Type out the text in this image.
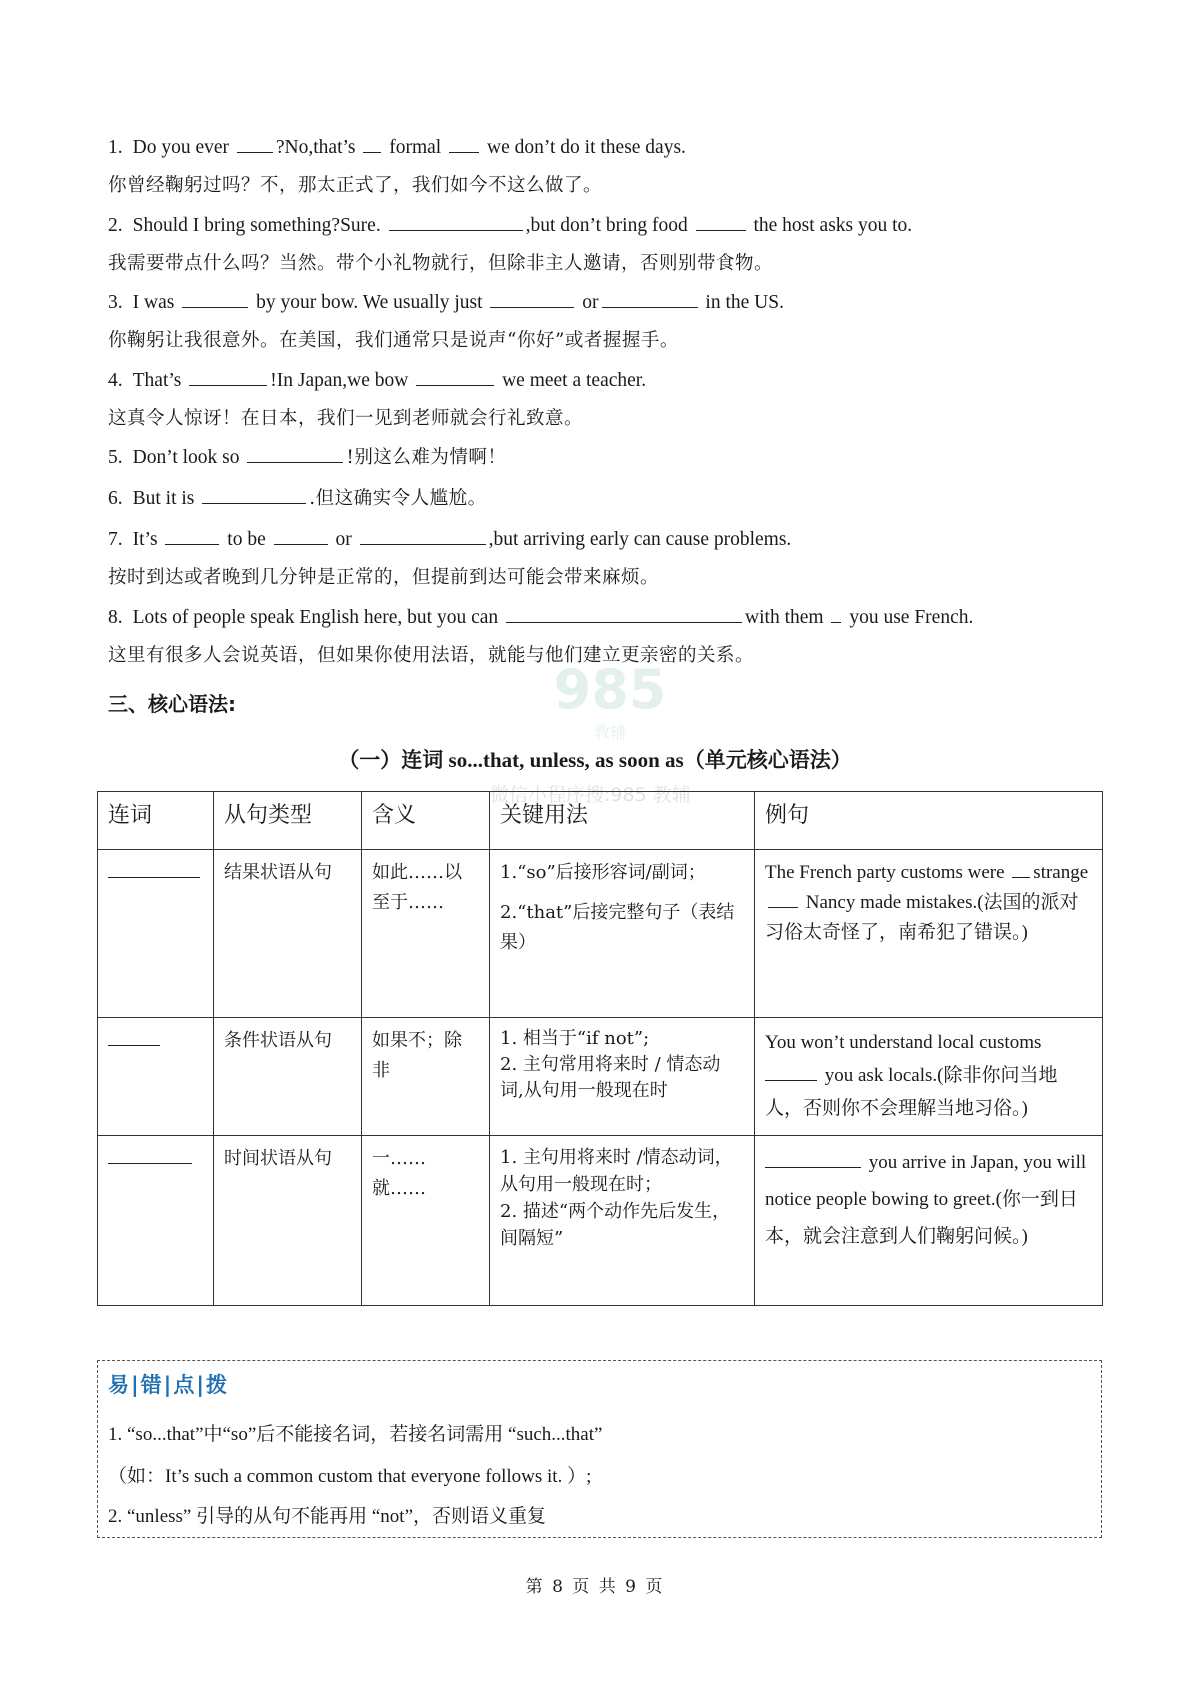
985
教辅
微信小程序搜:985 教辅
1. Do you ever ?No,that’s  formal  we don’t do it these days.
你曾经鞠躬过吗？不，那太正式了，我们如今不这么做了。
2. Should I bring something?Sure.	,but don’t bring food	the host asks you to.
我需要带点什么吗？当然。带个小礼物就行，但除非主人邀请，否则别带食物。
3. I was	by your bow. We usually just	or	in the US.
你鞠躬让我很意外。在美国，我们通常只是说声“你好”或者握握手。
4. That’s	!In Japan,we bow	we meet a teacher.
这真令人惊讶！在日本，我们一见到老师就会行礼致意。
5. Don’t look so	!别这么难为情啊！
6. But it is	.但这确实令人尴尬。
7. It’s	to be	or	,but arriving early can cause problems.
按时到达或者晚到几分钟是正常的，但提前到达可能会带来麻烦。
8. Lots of people speak English here, but you can	with them  you use French.
这里有很多人会说英语，但如果你使用法语，就能与他们建立更亲密的关系。
三、核心语法:
（一）连词 so...that, unless, as soon as（单元核心语法）
连词	从句类型	含义	关键用法	例句
	结果状语从句	如此……以至于……	1.“so”后接形容词/副词；
2.“that”后接完整句子（表结果）	The French party customs were strange  Nancy made mistakes.(法国的派对习俗太奇怪了，南希犯了错误。)
	条件状语从句	如果不；除非	1. 相当于“if not”;
2. 主句常用将来时 / 情态动词,从句用一般现在时	You won’t understand local customs  you ask locals.(除非你问当地人，否则你不会理解当地习俗。)
	时间状语从句	一……就……	1. 主句用将来时 /情态动词，从句用一般现在时；
2. 描述“两个动作先后发生，间隔短”	you arrive in Japan, you will notice people bowing to greet.(你一到日本，就会注意到人们鞠躬问候。)
易|错|点|拨
1. “so...that”中“so”后不能接名词，若接名词需用 “such...that”
（如：It’s such a common custom that everyone follows it. ）;
2. “unless” 引导的从句不能再用 “not”，否则语义重复
第 8 页 共 9 页
